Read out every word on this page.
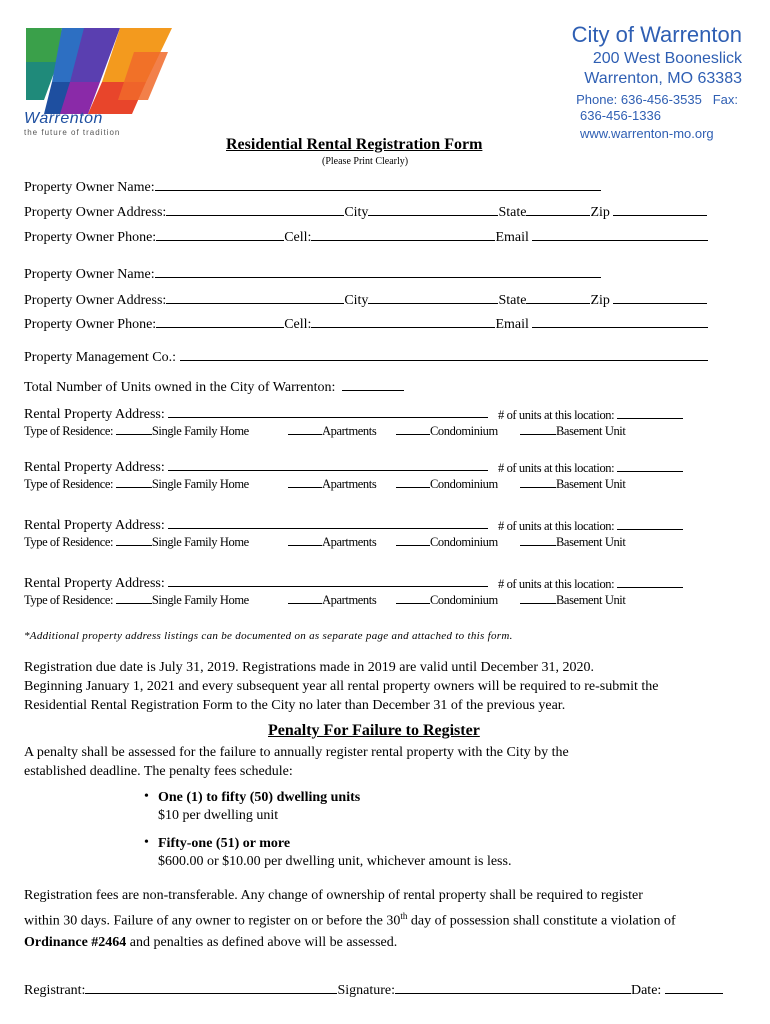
Warrenton
the future of tradition
City of Warrenton
200 West Booneslick
Warrenton, MO 63383
Phone: 636-456-3535 Fax:
636-456-1336
www.warrenton-mo.org
Residential Rental Registration Form
(Please Print Clearly)
Property Owner Name:
Property Owner Address:	City	State	Zip
Property Owner Phone:	Cell:	Email
Property Owner Name:
Property Owner Address:	City	State	Zip
Property Owner Phone:	Cell:	Email
Property Management Co.:
Total Number of Units owned in the City of Warrenton:
Rental Property Address:	# of units at this location:
Type of Residence:	Single Family Home	Apartments	Condominium	Basement Unit
Rental Property Address:	# of units at this location:
Type of Residence:	Single Family Home	Apartments	Condominium	Basement Unit
Rental Property Address:	# of units at this location:
Type of Residence:	Single Family Home	Apartments	Condominium	Basement Unit
Rental Property Address:	# of units at this location:
Type of Residence:	Single Family Home	Apartments	Condominium	Basement Unit
*Additional property address listings can be documented on as separate page and attached to this form.
Registration due date is July 31, 2019. Registrations made in 2019 are valid until December 31, 2020.
Beginning January 1, 2021 and every subsequent year all rental property owners will be required to re-submit the
Residential Rental Registration Form to the City no later than December 31 of the previous year.
Penalty For Failure to Register
A penalty shall be assessed for the failure to annually register rental property with the City by the
established deadline. The penalty fees schedule:
• One (1) to fifty (50) dwelling units
$10 per dwelling unit
• Fifty-one (51) or more
$600.00 or $10.00 per dwelling unit, whichever amount is less.
Registration fees are non-transferable. Any change of ownership of rental property shall be required to register
within 30 days. Failure of any owner to register on or before the 30th day of possession shall constitute a violation of
Ordinance #2464 and penalties as defined above will be assessed.
Registrant:	Signature:	Date:
